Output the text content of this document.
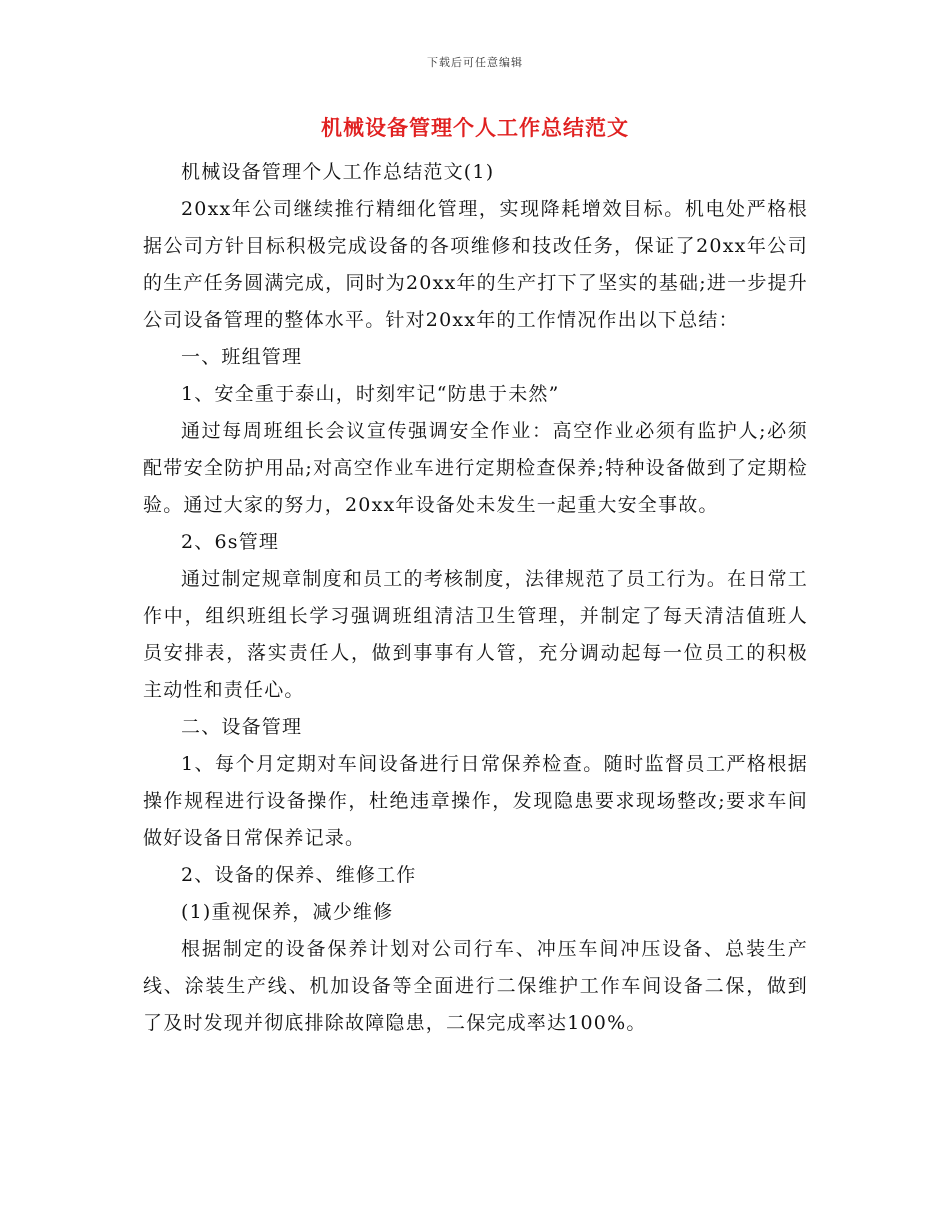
下载后可任意编辑
机械设备管理个人工作总结范文

机械设备管理个人工作总结范文(1)

20xx年公司继续推行精细化管理，实现降耗增效目标。机电处严格根据公司方针目标积极完成设备的各项维修和技改任务，保证了20xx年公司的生产任务圆满完成，同时为20xx年的生产打下了坚实的基础;进一步提升公司设备管理的整体水平。针对20xx年的工作情况作出以下总结：

一、班组管理

1、安全重于泰山，时刻牢记“防患于未然”

通过每周班组长会议宣传强调安全作业：高空作业必须有监护人;必须配带安全防护用品;对高空作业车进行定期检查保养;特种设备做到了定期检验。通过大家的努力，20xx年设备处未发生一起重大安全事故。

2、6s管理

通过制定规章制度和员工的考核制度，法律规范了员工行为。在日常工作中，组织班组长学习强调班组清洁卫生管理，并制定了每天清洁值班人员安排表，落实责任人，做到事事有人管，充分调动起每一位员工的积极主动性和责任心。

二、设备管理

1、每个月定期对车间设备进行日常保养检查。随时监督员工严格根据操作规程进行设备操作，杜绝违章操作，发现隐患要求现场整改;要求车间做好设备日常保养记录。

2、设备的保养、维修工作

(1)重视保养，减少维修

根据制定的设备保养计划对公司行车、冲压车间冲压设备、总装生产线、涂装生产线、机加设备等全面进行二保维护工作车间设备二保，做到了及时发现并彻底排除故障隐患，二保完成率达100%。
